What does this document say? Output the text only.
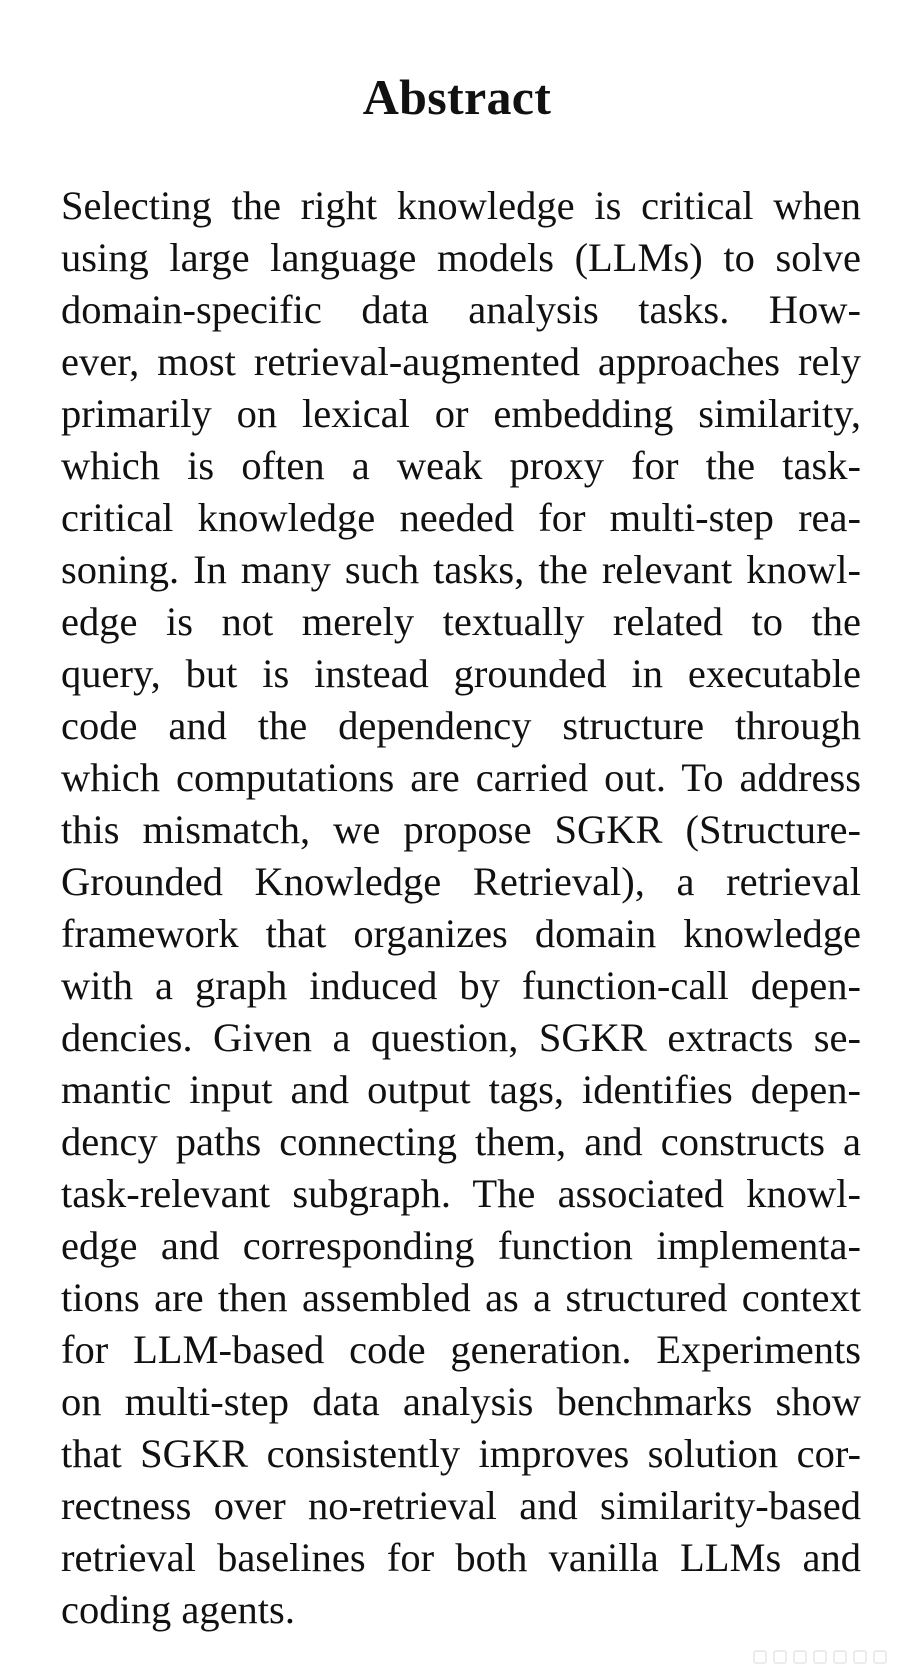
Abstract
Selecting the right knowledge is critical when
using large language models (LLMs) to solve
domain-specific data analysis tasks. How-
ever, most retrieval-augmented approaches rely
primarily on lexical or embedding similarity,
which is often a weak proxy for the task-
critical knowledge needed for multi-step rea-
soning. In many such tasks, the relevant knowl-
edge is not merely textually related to the
query, but is instead grounded in executable
code and the dependency structure through
which computations are carried out. To address
this mismatch, we propose SGKR (Structure-
Grounded Knowledge Retrieval), a retrieval
framework that organizes domain knowledge
with a graph induced by function-call depen-
dencies. Given a question, SGKR extracts se-
mantic input and output tags, identifies depen-
dency paths connecting them, and constructs a
task-relevant subgraph. The associated knowl-
edge and corresponding function implementa-
tions are then assembled as a structured context
for LLM-based code generation. Experiments
on multi-step data analysis benchmarks show
that SGKR consistently improves solution cor-
rectness over no-retrieval and similarity-based
retrieval baselines for both vanilla LLMs and
coding agents.
